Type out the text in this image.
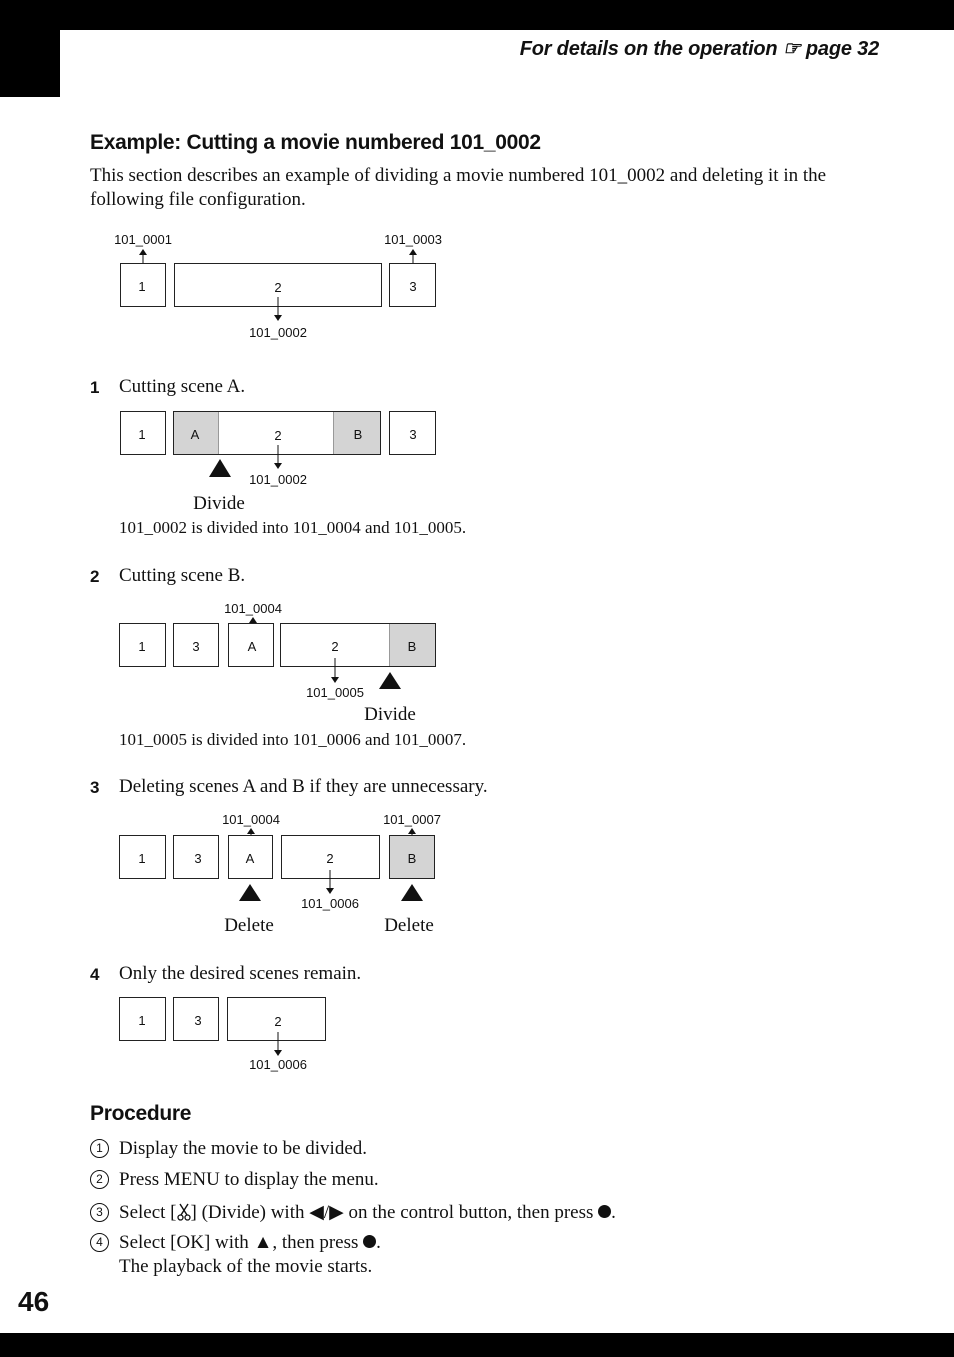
For details on the operation ☞ page 32
Example: Cutting a movie numbered 101_0002
This section describes an example of dividing a movie numbered 101_0002 and deleting it in the following file configuration.
101_0001	101_0003
1	2	3
101_0002
1 Cutting scene A.
1	A	2	B	3
101_0002
Divide
101_0002 is divided into 101_0004 and 101_0005.
2 Cutting scene B.
101_0004
1	3	A	2	B
101_0005
Divide
101_0005 is divided into 101_0006 and 101_0007.
3 Deleting scenes A and B if they are unnecessary.
101_0004	101_0007
1	3	A	2	B
101_0006
Delete	Delete
4 Only the desired scenes remain.
1	3	2
101_0006
Procedure
1 Display the movie to be divided.
2 Press MENU to display the menu.
3 Select [ ] (Divide) with ◀/▶ on the control button, then press .
4 Select [OK] with ▲, then press .
The playback of the movie starts.
46
